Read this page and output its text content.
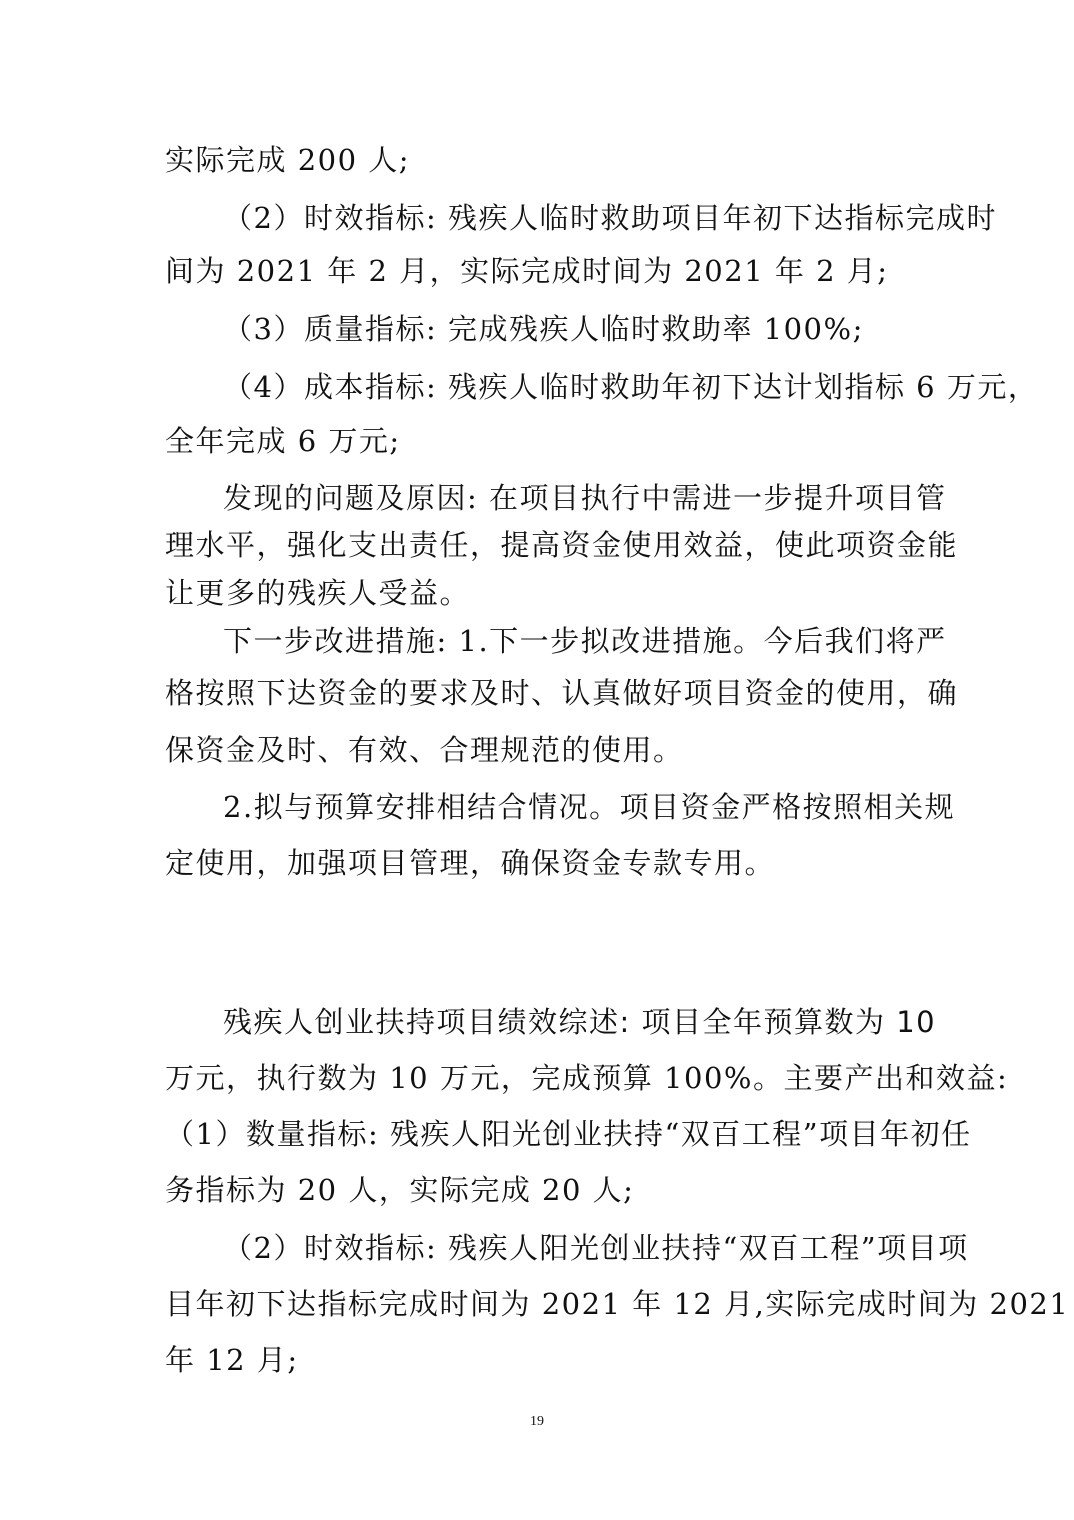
实际完成 200 人;
（2）时效指标: 残疾人临时救助项目年初下达指标完成时
间为 2021 年 2 月，实际完成时间为 2021 年 2 月;
（3）质量指标: 完成残疾人临时救助率 100%;
（4）成本指标: 残疾人临时救助年初下达计划指标 6 万元，
全年完成 6 万元;
发现的问题及原因: 在项目执行中需进一步提升项目管
理水平，强化支出责任，提高资金使用效益，使此项资金能
让更多的残疾人受益。
下一步改进措施: 1.下一步拟改进措施。今后我们将严
格按照下达资金的要求及时、认真做好项目资金的使用，确
保资金及时、有效、合理规范的使用。
2.拟与预算安排相结合情况。项目资金严格按照相关规
定使用，加强项目管理，确保资金专款专用。
残疾人创业扶持项目绩效综述: 项目全年预算数为 10
万元，执行数为 10 万元，完成预算 100%。主要产出和效益:
（1）数量指标: 残疾人阳光创业扶持“双百工程”项目年初任
务指标为 20 人，实际完成 20 人;
（2）时效指标: 残疾人阳光创业扶持“双百工程”项目项
目年初下达指标完成时间为 2021 年 12 月,实际完成时间为 2021
年 12 月;
19
